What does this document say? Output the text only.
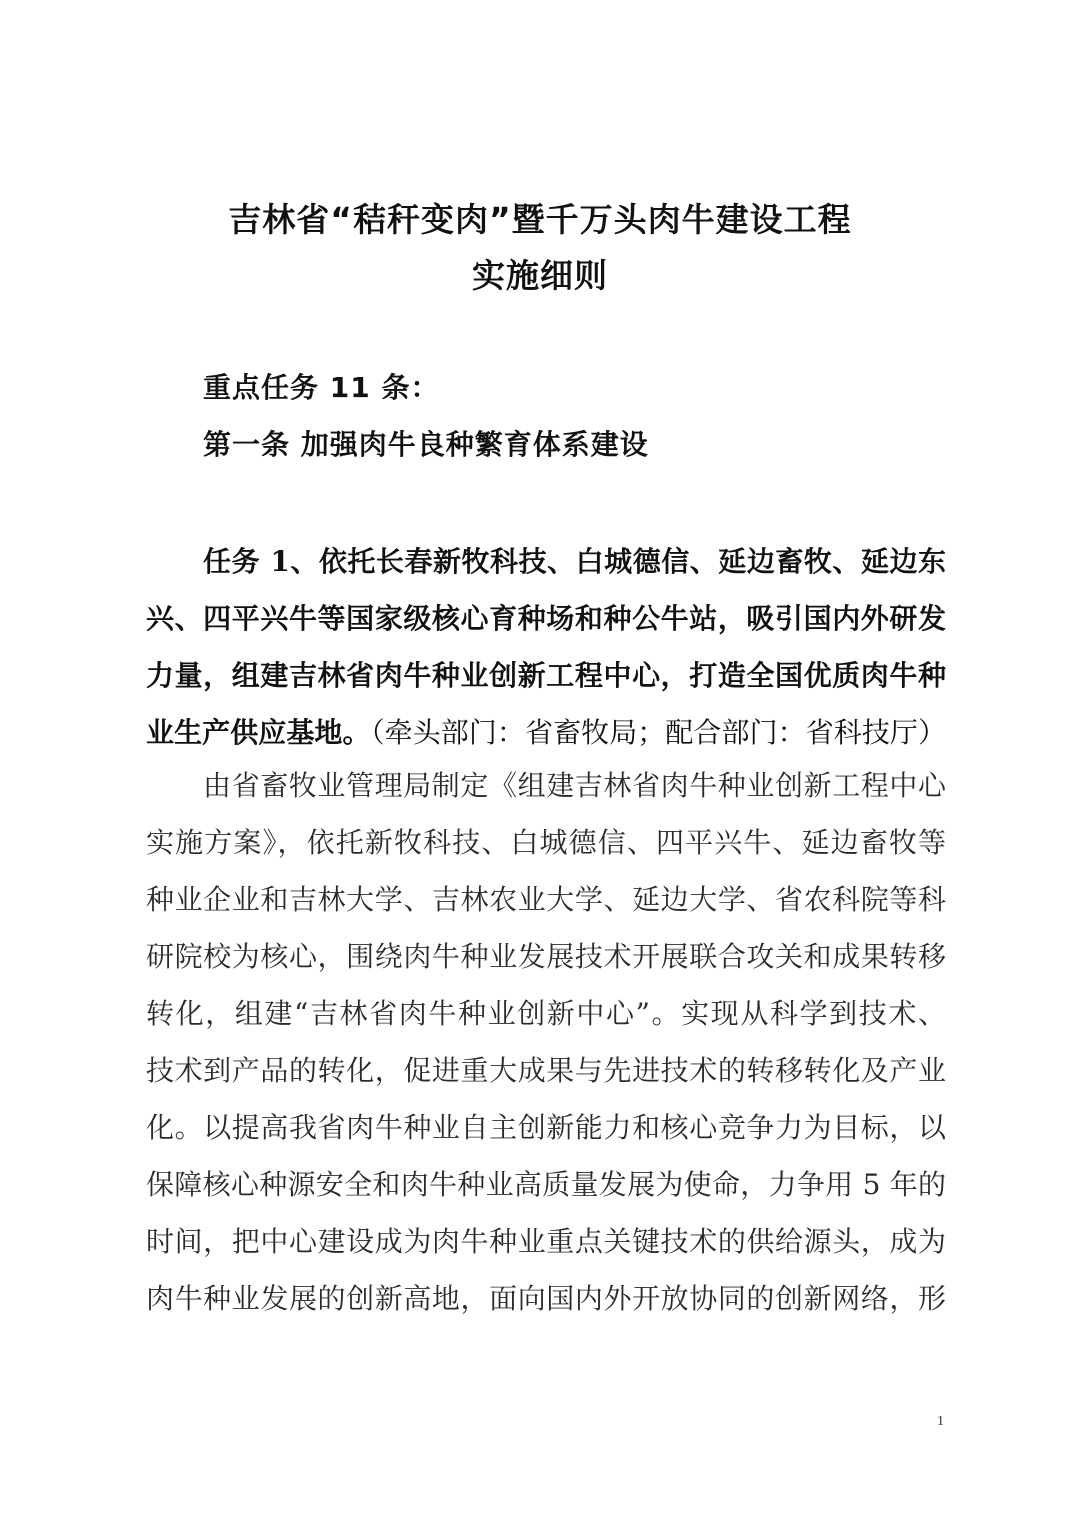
吉林省“秸秆变肉”暨千万头肉牛建设工程
实施细则
重点任务 11 条：
第一条 加强肉牛良种繁育体系建设
任务 1、依托长春新牧科技、白城德信、延边畜牧、延边东
兴、四平兴牛等国家级核心育种场和种公牛站，吸引国内外研发
力量，组建吉林省肉牛种业创新工程中心，打造全国优质肉牛种
业生产供应基地。（牵头部门：省畜牧局；配合部门：省科技厅）
由省畜牧业管理局制定《组建吉林省肉牛种业创新工程中心
实施方案》，依托新牧科技、白城德信、四平兴牛、延边畜牧等
种业企业和吉林大学、吉林农业大学、延边大学、省农科院等科
研院校为核心，围绕肉牛种业发展技术开展联合攻关和成果转移
转化，组建“吉林省肉牛种业创新中心”。实现从科学到技术、
技术到产品的转化，促进重大成果与先进技术的转移转化及产业
化。以提高我省肉牛种业自主创新能力和核心竞争力为目标，以
保障核心种源安全和肉牛种业高质量发展为使命，力争用 5 年的
时间，把中心建设成为肉牛种业重点关键技术的供给源头，成为
肉牛种业发展的创新高地，面向国内外开放协同的创新网络，形
1
